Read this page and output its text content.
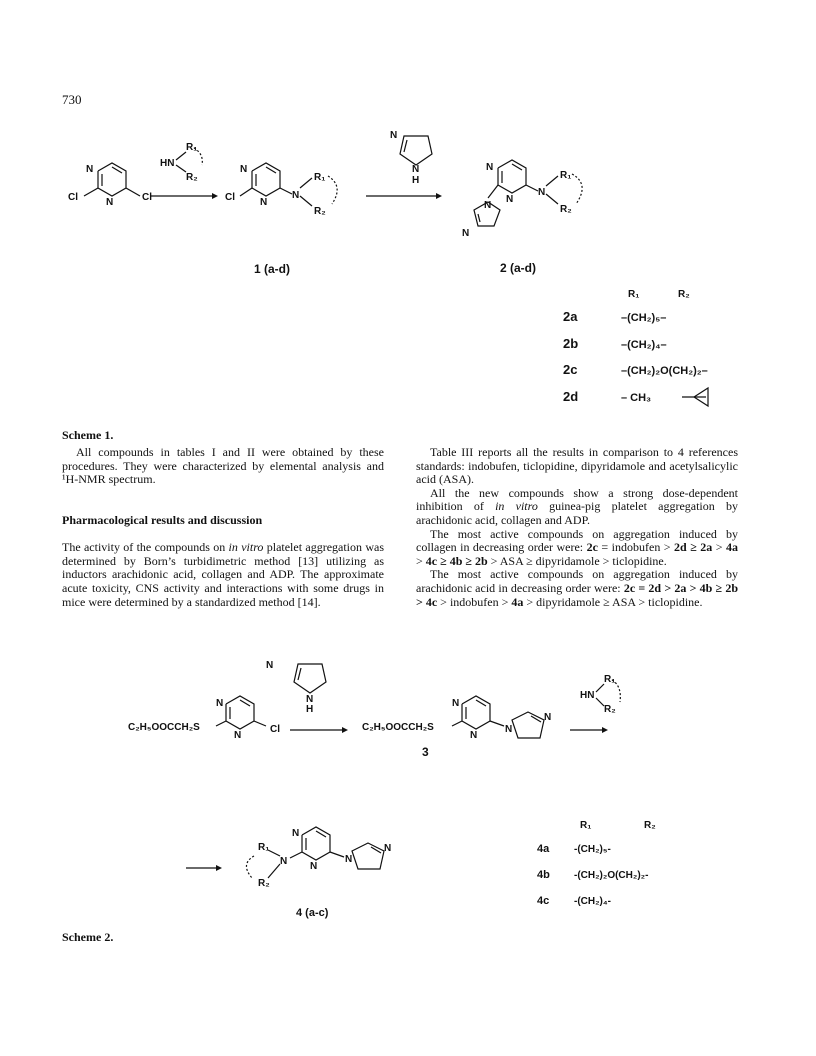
730
N
N
Cl	Cl
HN
R₁
R₂
N
N
Cl	N
R₁
R₂
1 (a-d)
N
N
H
N
N
N
N
N
R₁
R₂
2 (a-d)
R₁	R₂
2a	–(CH₂)₅–
2b	–(CH₂)₄–
2c	–(CH₂)₂O(CH₂)₂–
2d	– CH₃
Scheme 1.

All compounds in tables I and II were obtained by these procedures. They were characterized by elemental analysis and ¹H-NMR spectrum.

Pharmacological results and discussion

The activity of the compounds on in vitro platelet aggregation was determined by Born’s turbidimetric method [13] utilizing as inductors arachidonic acid, collagen and ADP. The approximate acute toxicity, CNS activity and interactions with some drugs in mice were determined by a standardized method [14].

Table III reports all the results in comparison to 4 references standards: indobufen, ticlopidine, dipyridamole and acetylsalicylic acid (ASA).

All the new compounds show a strong dose-dependent inhibition of in vitro guinea-pig platelet aggregation by arachidonic acid, collagen and ADP.

The most active compounds on aggregation induced by collagen in decreasing order were: 2c = indobufen > 2d ≥ 2a > 4a > 4c ≥ 4b ≥ 2b > ASA ≥ dipyridamole > ticlopidine.

The most active compounds on aggregation induced by arachidonic acid in decreasing order were: 2c = 2d > 2a > 4b ≥ 2b > 4c > indobufen > 4a > dipyridamole ≥ ASA > ticlopidine.

C₂H₅OOCCH₂S
N
N
Cl
N
N
H
C₂H₅OOCCH₂S
N
N
N
N
3
HN
R₁
R₂
R₁
R₂
N
N
N
N
N
4 (a-c)
R₁	R₂
4a -(CH₂)₅-
4b -(CH₂)₂O(CH₂)₂-
4c -(CH₂)₄-
Scheme 2.
